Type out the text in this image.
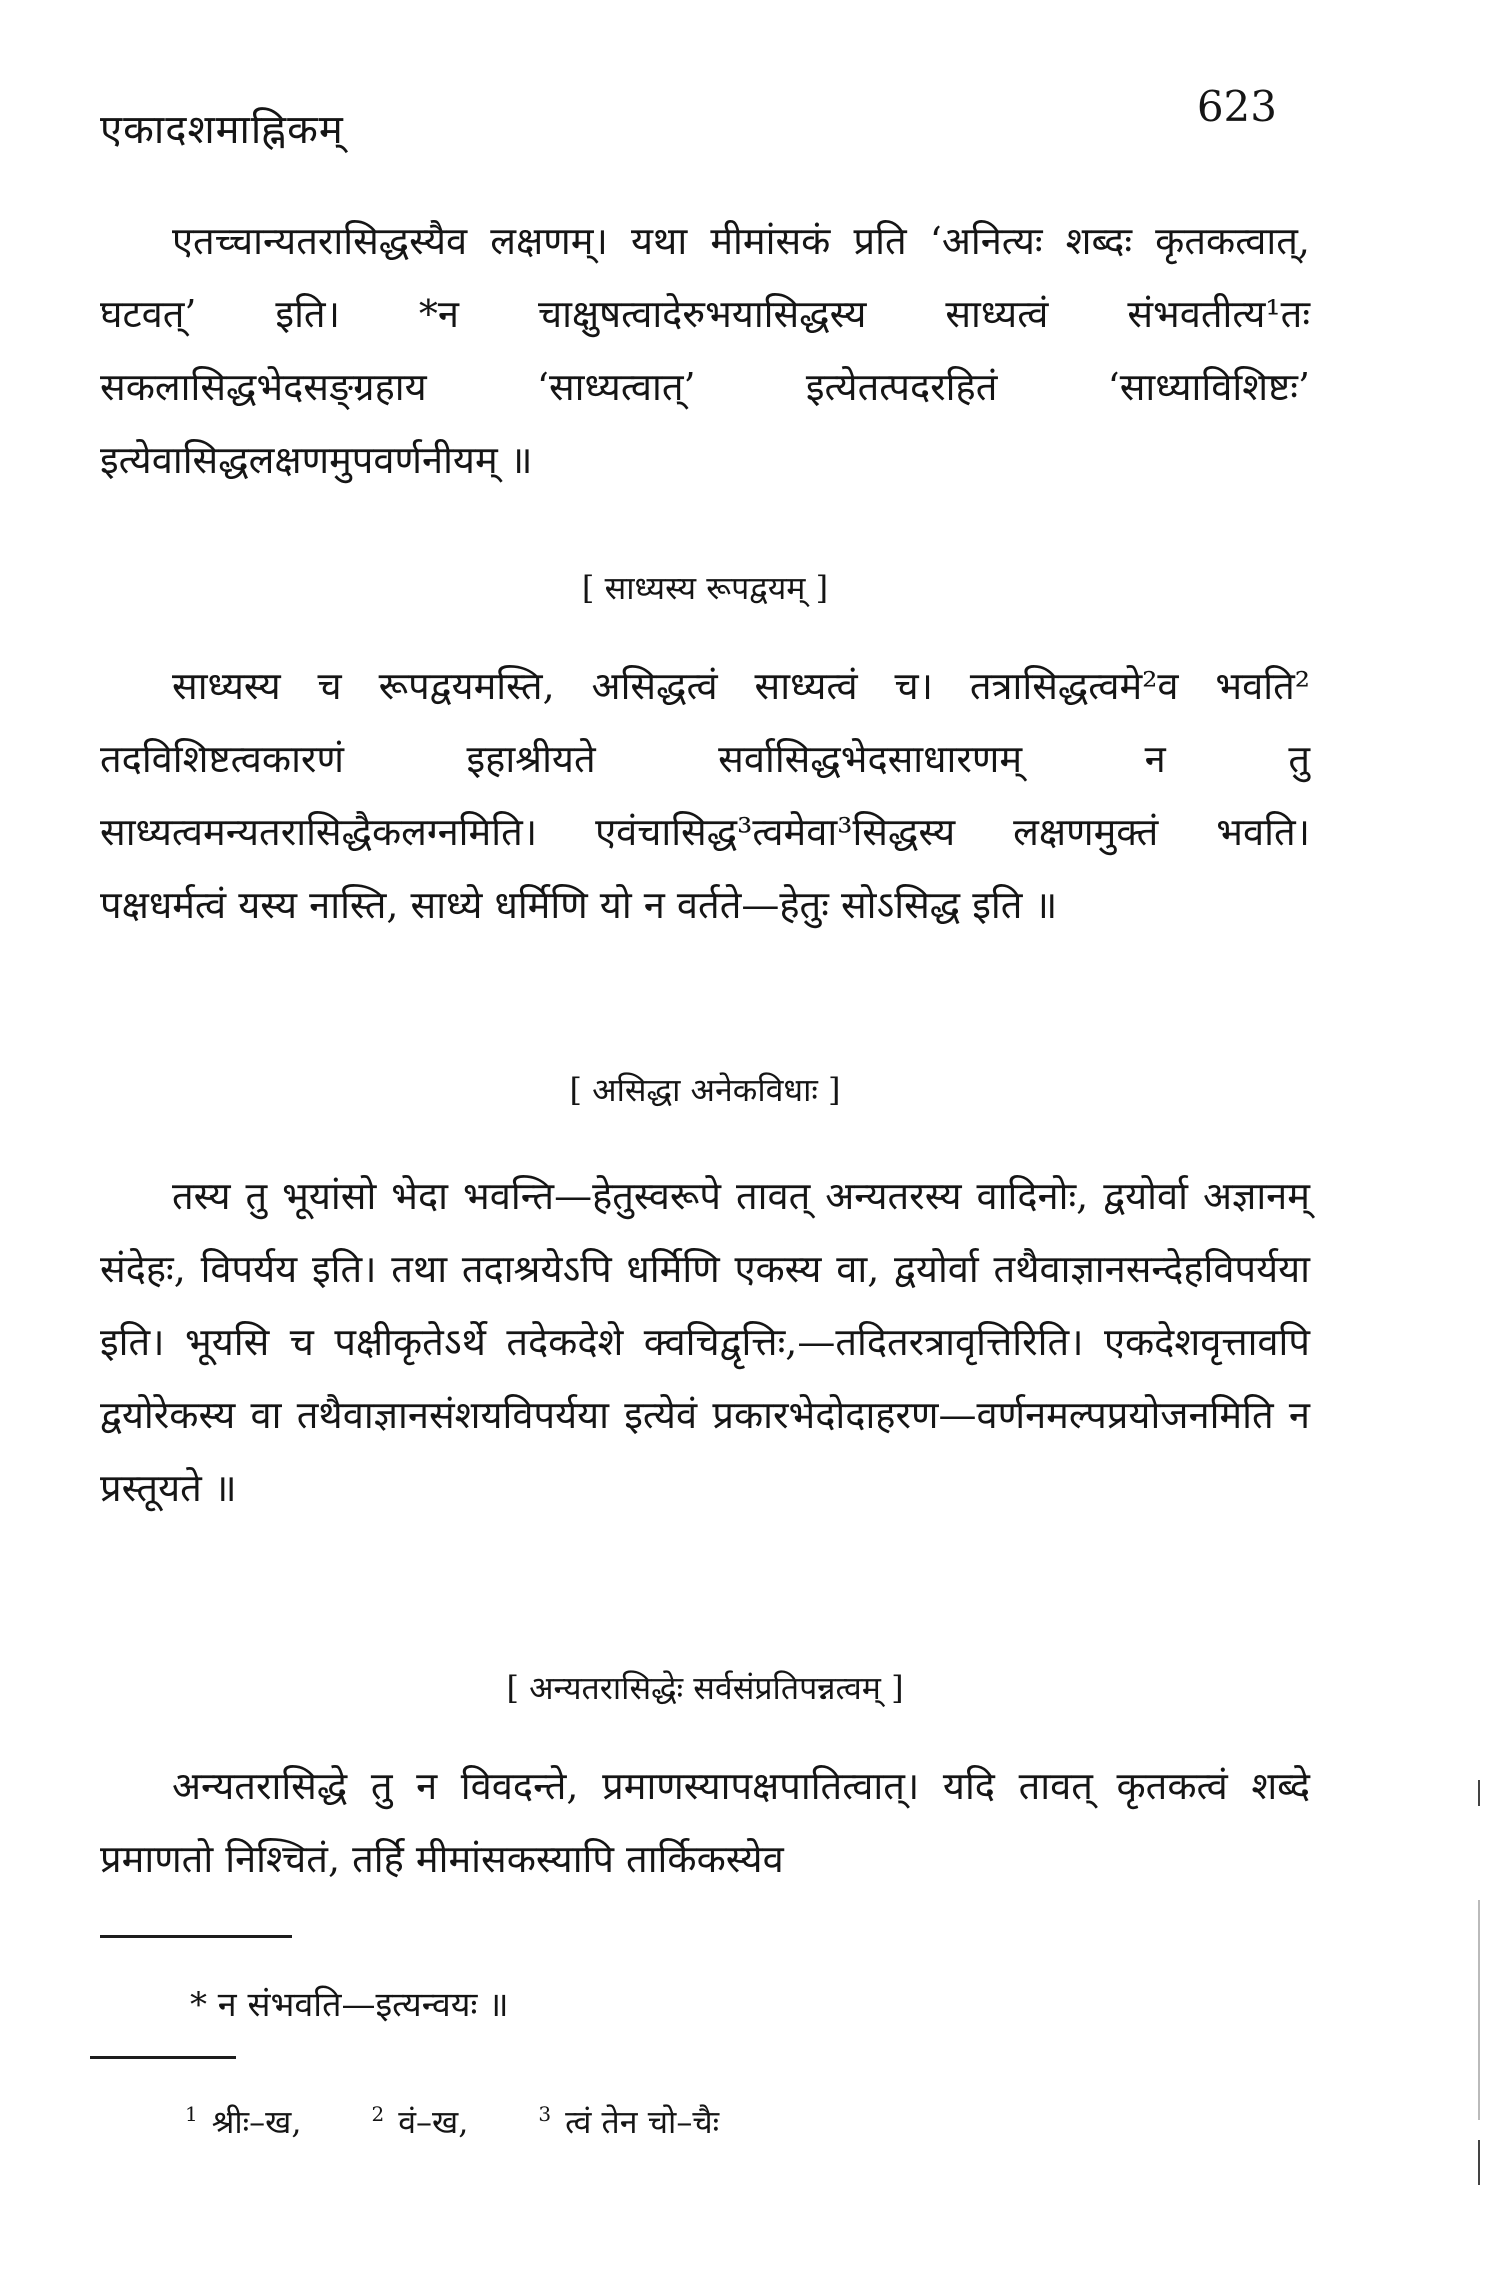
एकादशमाह्निकम्	623

एतच्चान्यतरासिद्धस्यैव लक्षणम्। यथा मीमांसकं प्रति ‘अनित्यः शब्दः कृतकत्वात्, घटवत्’ इति। *न चाक्षुषत्वादेरुभयासिद्धस्य साध्यत्वं संभवतीत्य¹तः सकलासिद्धभेदसङ्ग्रहाय ‘साध्यत्वात्’ इत्येतत्पदरहितं ‘साध्याविशिष्टः’ इत्येवासिद्धलक्षणमुपवर्णनीयम् ॥

[ साध्यस्य रूपद्वयम् ]

साध्यस्य च रूपद्वयमस्ति, असिद्धत्वं साध्यत्वं च। तत्रासिद्धत्वमे²व भवति² तदविशिष्टत्वकारणं इहाश्रीयते सर्वासिद्धभेदसाधारणम् न तु साध्यत्वमन्यतरासिद्धैकलग्नमिति। एवंचासिद्ध³त्वमेवा³सिद्धस्य लक्षणमुक्तं भवति। पक्षधर्मत्वं यस्य नास्ति, साध्ये धर्मिणि यो न वर्तते—हेतुः सोऽसिद्ध इति ॥

[ असिद्धा अनेकविधाः ]

तस्य तु भूयांसो भेदा भवन्ति—हेतुस्वरूपे तावत् अन्यतरस्य वादिनोः, द्वयोर्वा अज्ञानम् संदेहः, विपर्यय इति। तथा तदाश्रयेऽपि धर्मिणि एकस्य वा, द्वयोर्वा तथैवाज्ञानसन्देहविपर्यया इति। भूयसि च पक्षीकृतेऽर्थे तदेकदेशे क्वचिद्वृत्तिः,—तदितरत्रावृत्तिरिति। एकदेशवृत्तावपि द्वयोरेकस्य वा तथैवाज्ञानसंशयविपर्यया इत्येवं प्रकारभेदोदाहरण—वर्णनमल्पप्रयोजनमिति न प्रस्तूयते ॥

[ अन्यतरासिद्धेः सर्वसंप्रतिपन्नत्वम् ]

अन्यतरासिद्धे तु न विवदन्ते, प्रमाणस्यापक्षपातित्वात्। यदि तावत् कृतकत्वं शब्दे प्रमाणतो निश्चितं, तर्हि मीमांसकस्यापि तार्किकस्येव

* न संभवति—इत्यन्वयः ॥

$^1$ श्रीः–ख,	$^2$ वं–ख,	$^3$ त्वं तेन चो–चैः
